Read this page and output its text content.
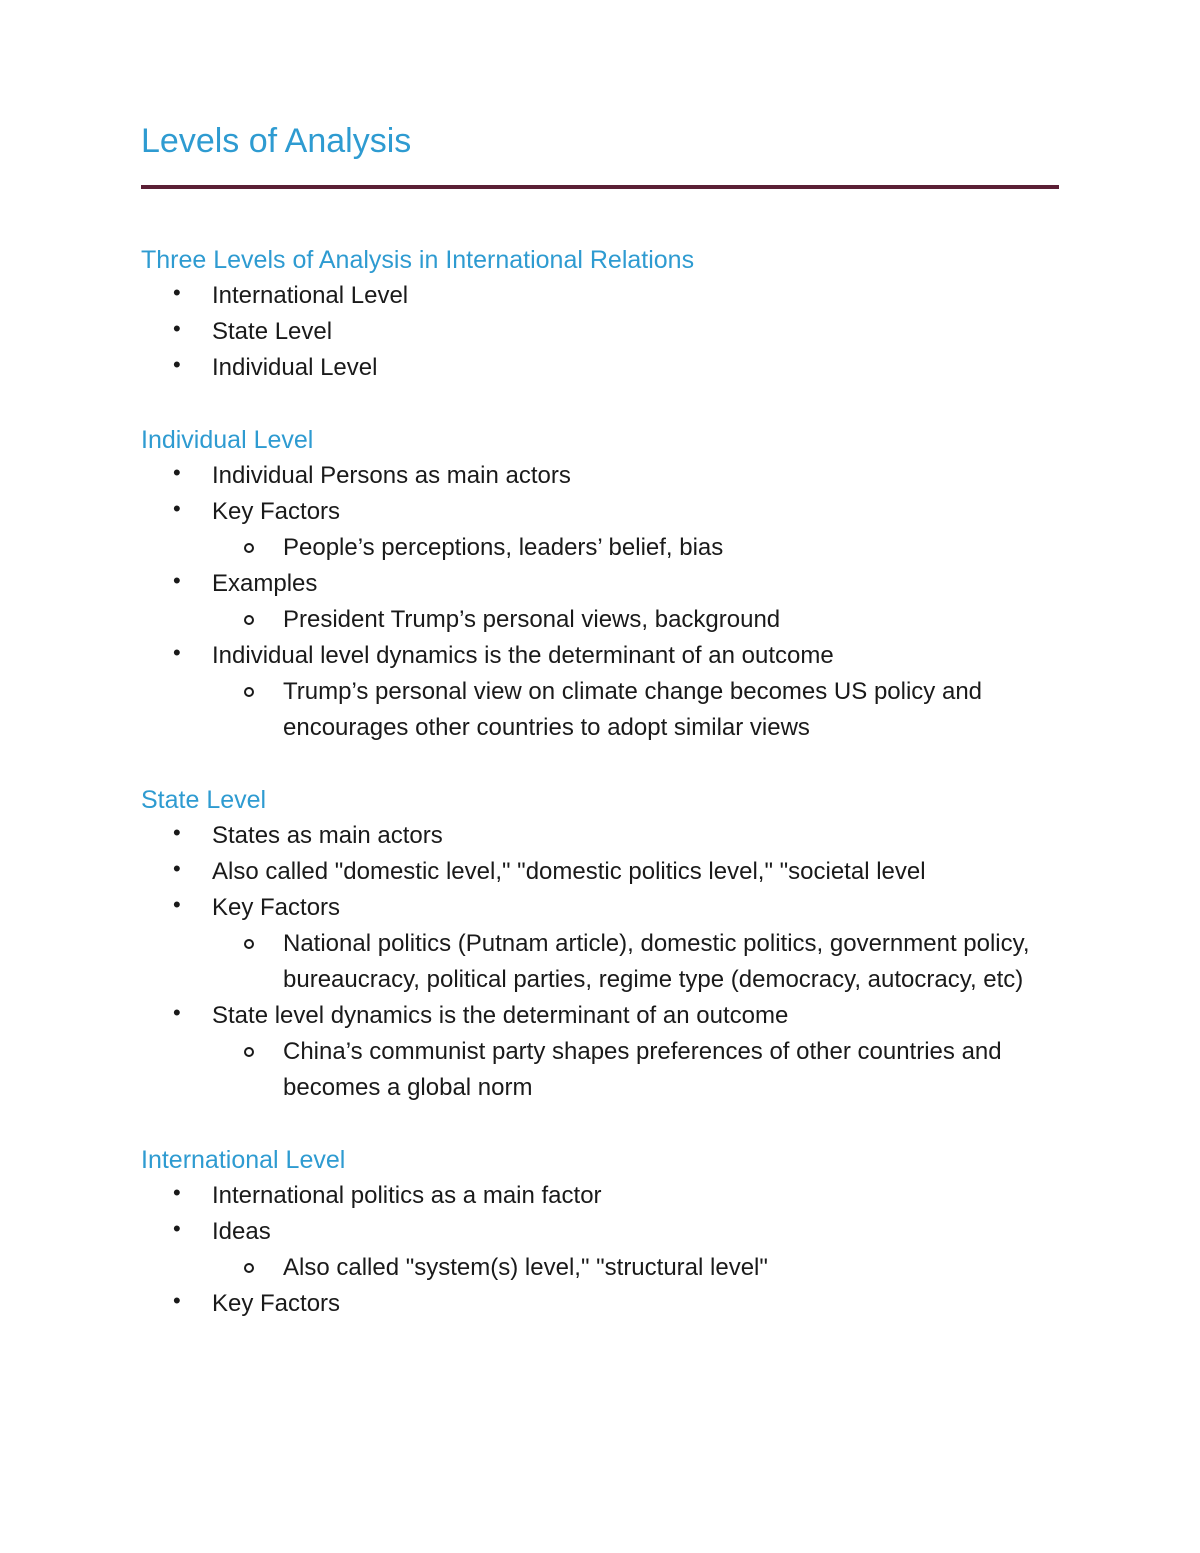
Levels of Analysis
Three Levels of Analysis in International Relations
• International Level
• State Level
• Individual Level
Individual Level
• Individual Persons as main actors
• Key Factors
People’s perceptions, leaders’ belief, bias
• Examples
President Trump’s personal views, background
• Individual level dynamics is the determinant of an outcome
Trump’s personal view on climate change becomes US policy and encourages other countries to adopt similar views
State Level
• States as main actors
• Also called "domestic level," "domestic politics level," "societal level
• Key Factors
National politics (Putnam article), domestic politics, government policy, bureaucracy, political parties, regime type (democracy, autocracy, etc)
• State level dynamics is the determinant of an outcome
China’s communist party shapes preferences of other countries and becomes a global norm
International Level
• International politics as a main factor
• Ideas
Also called "system(s) level," "structural level"
• Key Factors
